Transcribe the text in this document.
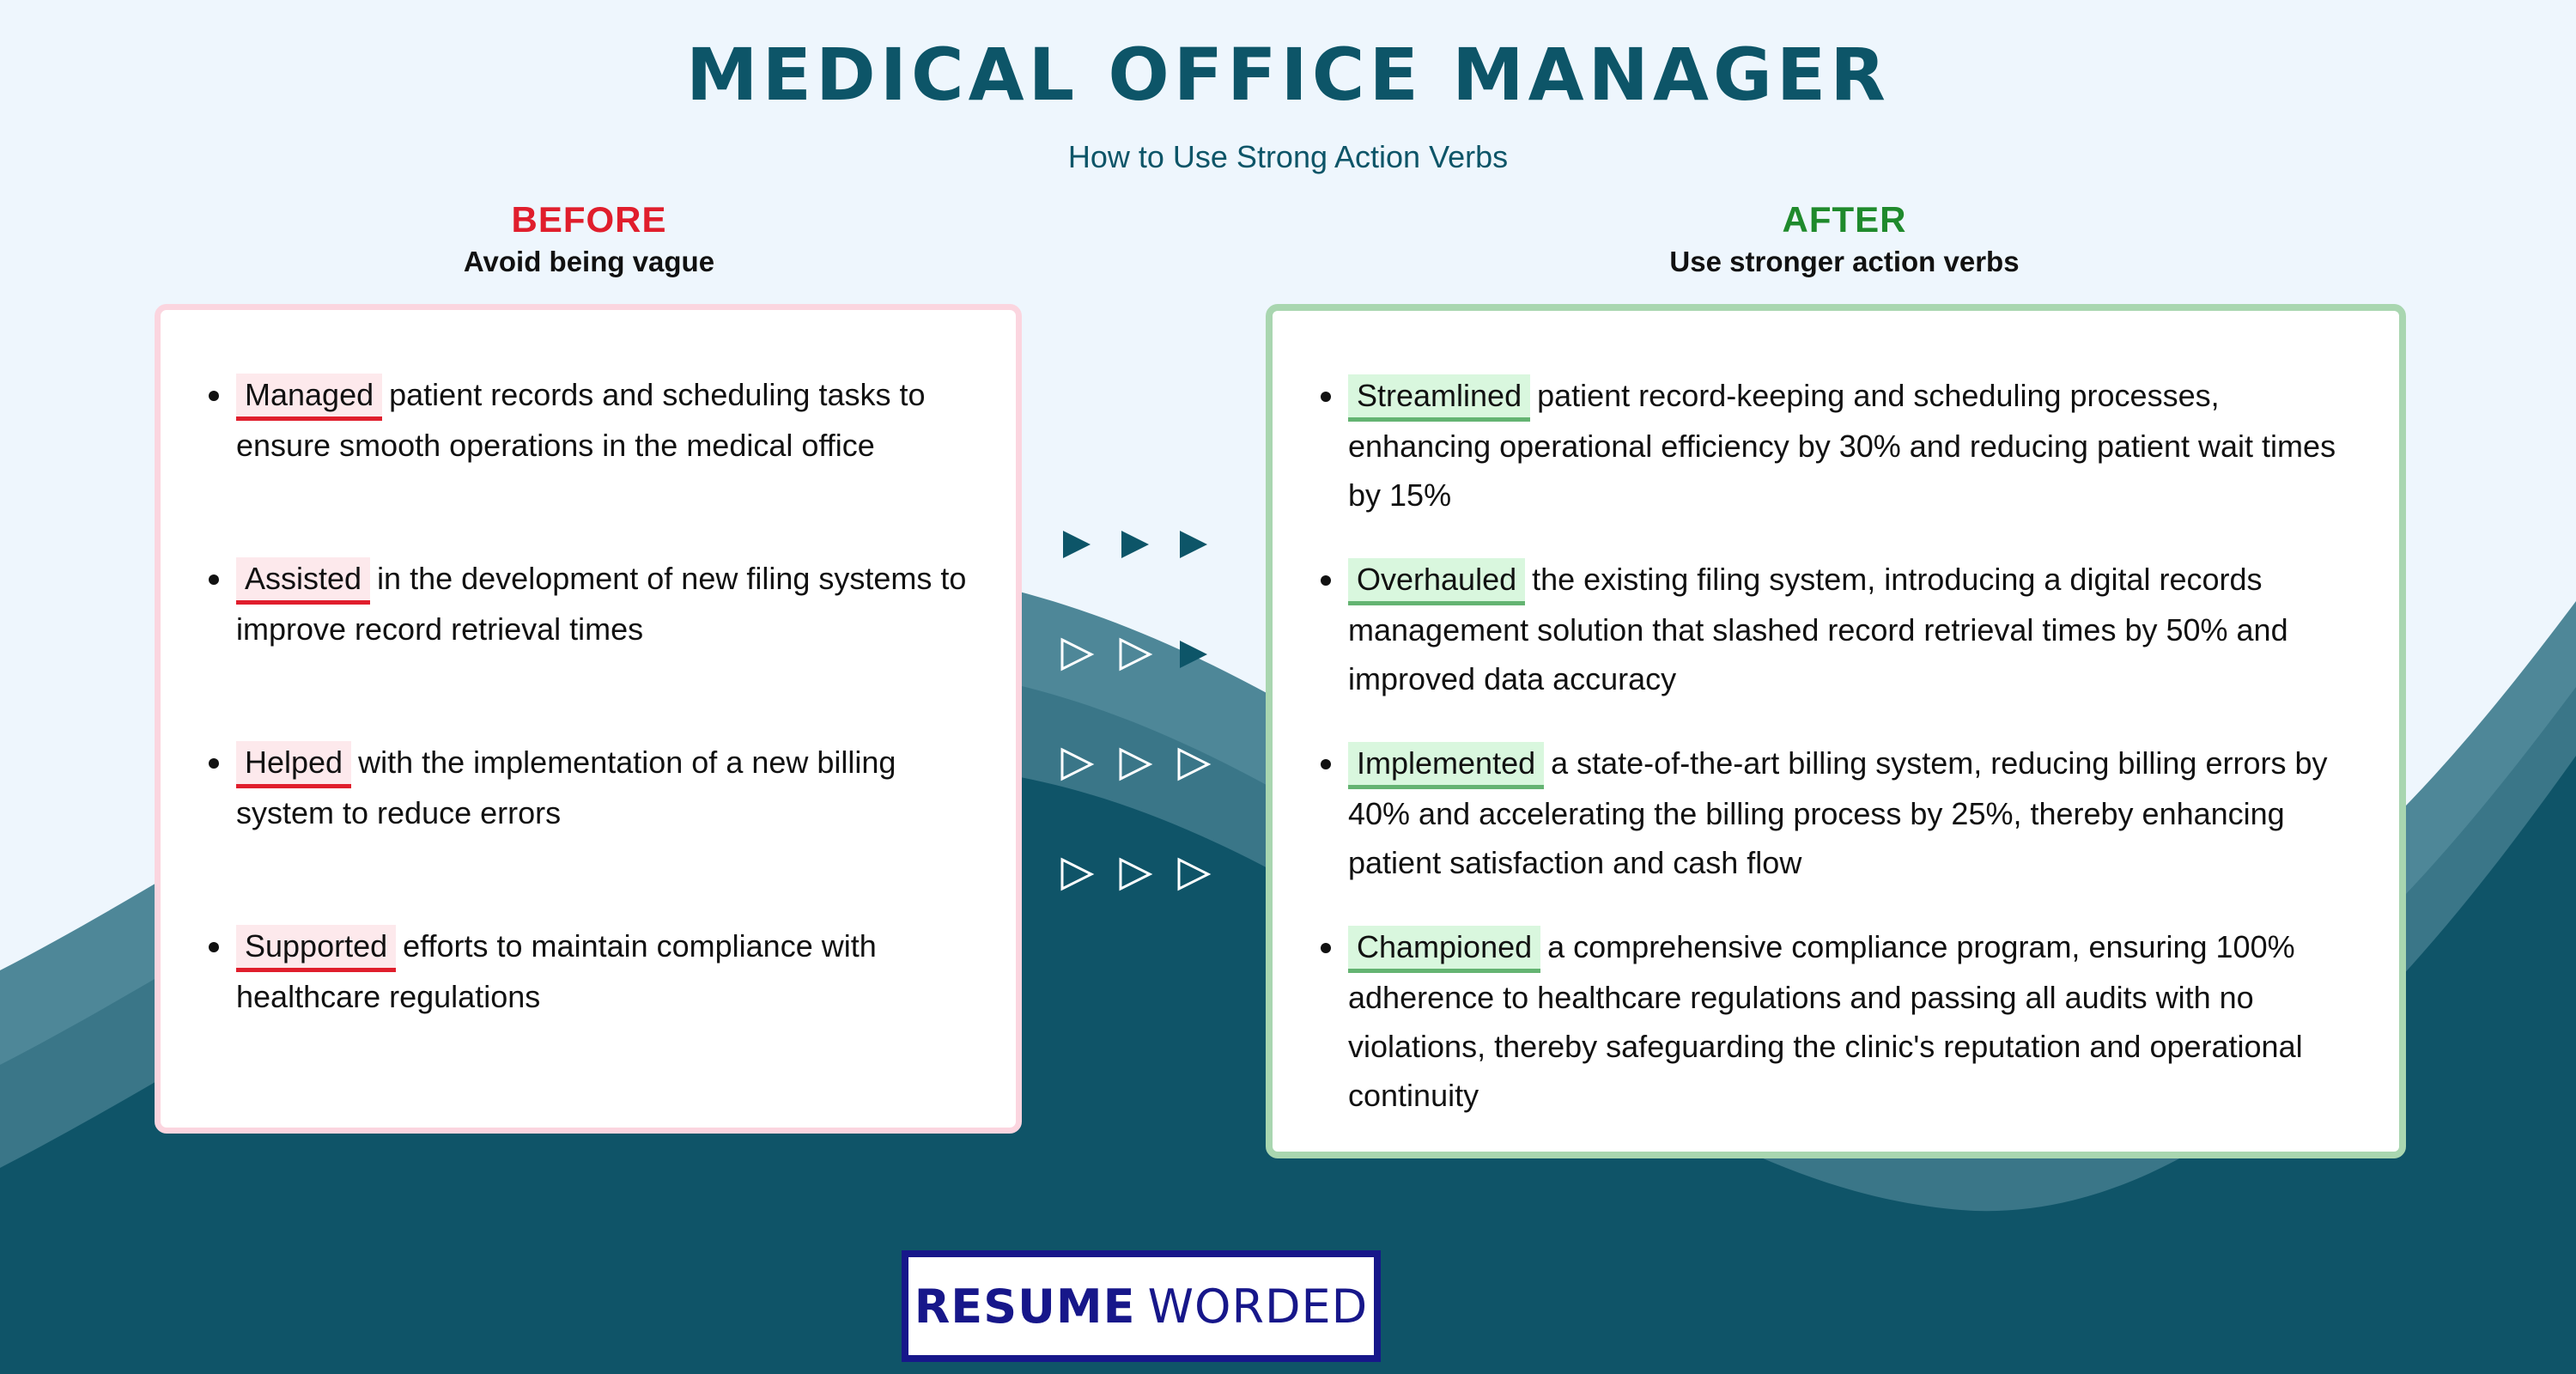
MEDICAL OFFICE MANAGER
How to Use Strong Action Verbs
BEFORE
Avoid being vague
AFTER
Use stronger action verbs
Managed patient records and scheduling tasks to ensure smooth operations in the medical office
Assisted in the development of new filing systems to improve record retrieval times
Helped with the implementation of a new billing system to reduce errors
Supported efforts to maintain compliance with healthcare regulations
Streamlined patient record-keeping and scheduling processes, enhancing operational efficiency by 30% and reducing patient wait times by 15%
Overhauled the existing filing system, introducing a digital records management solution that slashed record retrieval times by 50% and improved data accuracy
Implemented a state-of-the-art billing system, reducing billing errors by 40% and accelerating the billing process by 25%, thereby enhancing patient satisfaction and cash flow
Championed a comprehensive compliance program, ensuring 100% adherence to healthcare regulations and passing all audits with no violations, thereby safeguarding the clinic's reputation and operational continuity
RESUME WORDED
